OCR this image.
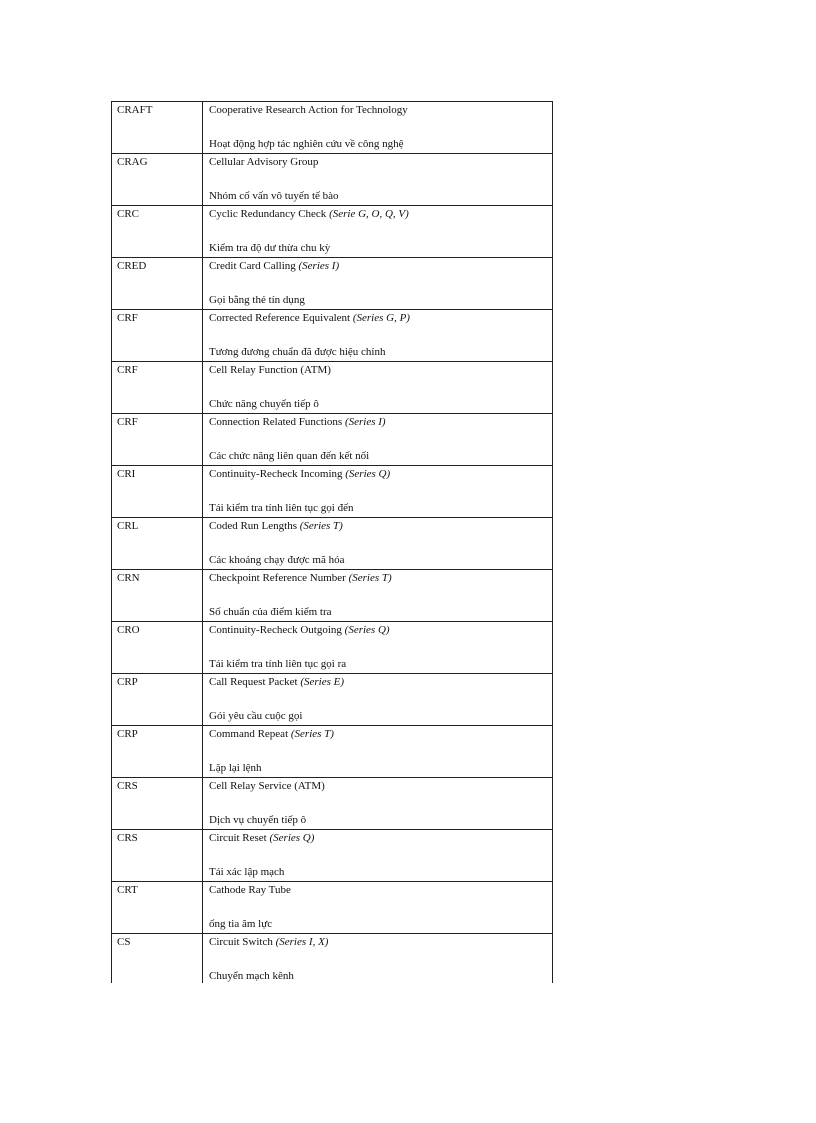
CRAFT	Cooperative Research Action for Technology
Hoạt động hợp tác nghiên cứu về công nghệ
CRAG	Cellular Advisory Group
Nhóm cố vấn vô tuyến tế bào
CRC	Cyclic Redundancy Check (Serie G, O, Q, V)
Kiểm tra độ dư thừa chu kỳ
CRED	Credit Card Calling (Series I)
Gọi bằng thẻ tín dụng
CRF	Corrected Reference Equivalent (Series G, P)
Tương đương chuẩn đã được hiệu chỉnh
CRF	Cell Relay Function (ATM)
Chức năng chuyển tiếp ô
CRF	Connection Related Functions (Series I)
Các chức năng liên quan đến kết nối
CRI	Continuity-Recheck Incoming (Series Q)
Tái kiểm tra tính liên tục gọi đến
CRL	Coded Run Lengths (Series T)
Các khoảng chạy được mã hóa
CRN	Checkpoint Reference Number (Series T)
Số chuẩn của điểm kiểm tra
CRO	Continuity-Recheck Outgoing (Series Q)
Tái kiểm tra tính liên tục gọi ra
CRP	Call Request Packet (Series E)
Gói yêu cầu cuộc gọi
CRP	Command Repeat (Series T)
Lặp lại lệnh
CRS	Cell Relay Service (ATM)
Dịch vụ chuyển tiếp ô
CRS	Circuit Reset (Series Q)
Tái xác lập mạch
CRT	Cathode Ray Tube
ống tia âm lực
CS	Circuit Switch (Series I, X)
Chuyển mạch kênh
